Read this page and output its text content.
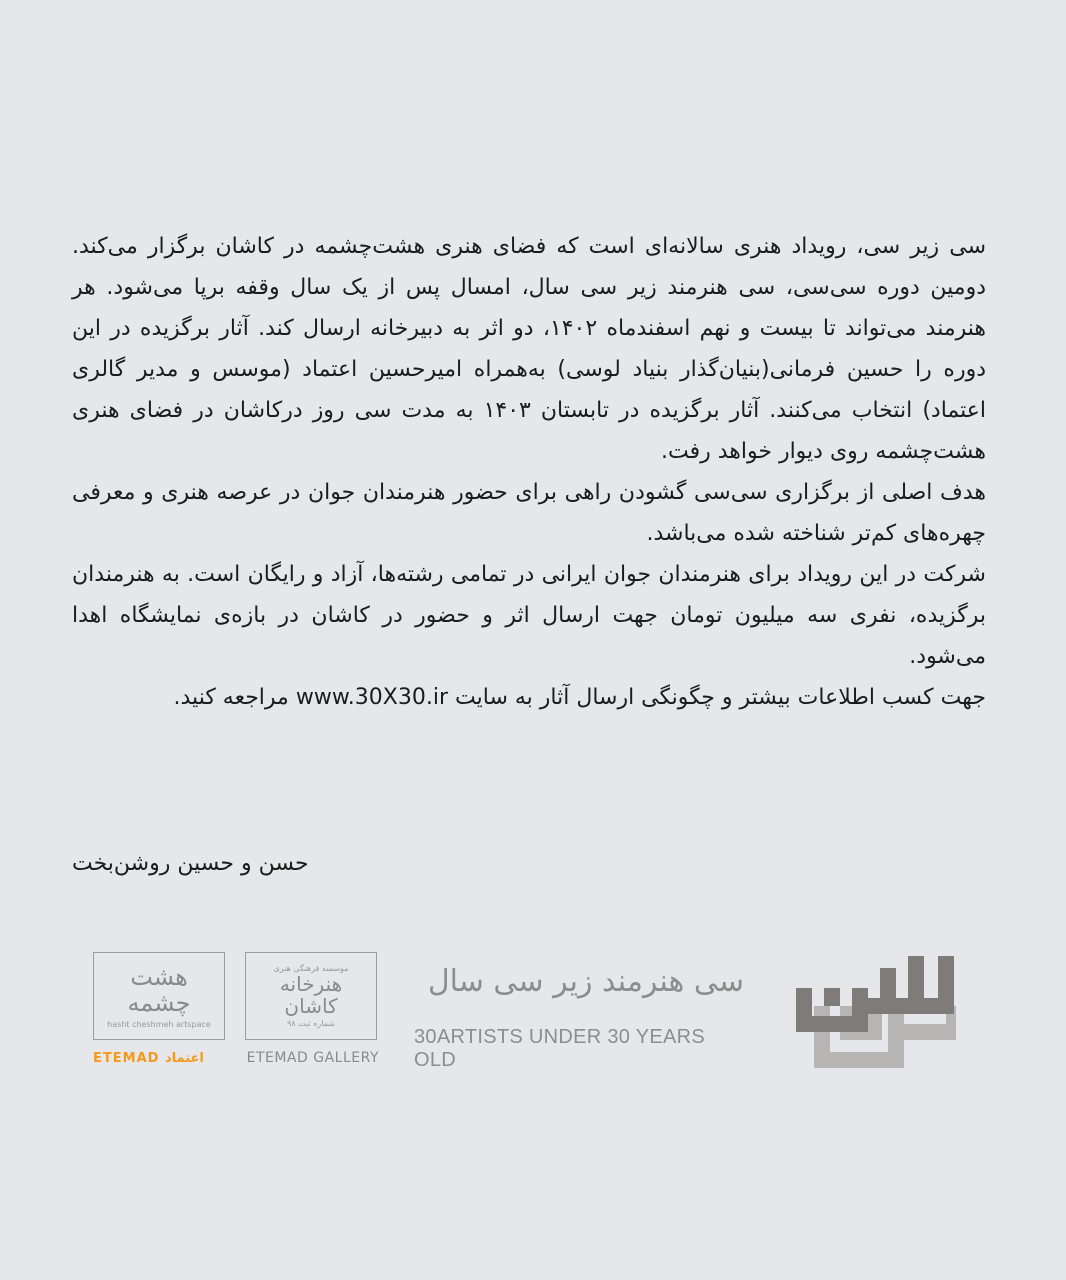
سی زیر سی، رویداد هنری سالانه‌ای است که فضای هنری هشت‌چشمه در کاشان برگزار می‌کند. دومین دوره سی‌سی، سی هنرمند زیر سی سال، امسال پس از یک سال وقفه برپا می‌شود. هر هنرمند می‌تواند تا بیست و نهم اسفندماه ۱۴۰۲، دو اثر به دبیرخانه ارسال کند. آثار برگزیده در این دوره را حسین فرمانی(بنیان‌گذار بنیاد لوسی) به‌همراه امیرحسین اعتماد (موسس و مدیر گالری اعتماد) انتخاب می‌کنند. آثار برگزیده در تابستان ۱۴۰۳ به مدت سی روز درکاشان در فضای هنری هشت‌چشمه روی دیوار خواهد رفت.

هدف اصلی از برگزاری سی‌سی گشودن راهی برای حضور هنرمندان جوان در عرصه هنری و معرفی چهره‌های کم‌تر شناخته شده می‌باشد.

شرکت در این رویداد برای هنرمندان جوان ایرانی در تمامی رشته‌ها، آزاد و رایگان است. به هنرمندان برگزیده، نفری سه میلیون تومان جهت ارسال اثر و حضور در کاشان در بازه‌ی نمایشگاه اهدا می‌شود.

جهت کسب اطلاعات بیشتر و چگونگی ارسال آثار به سایت www.30X30.ir مراجعه کنید.

حسن و حسین روشن‌بخت
هشت
چشمه
hasht cheshmeh artspace
موسسه فرهنگی هنری
هنرخانه
کاشان
شماره ثبت ۹۸
ETEMAD اعتماد	ETEMAD GALLERY
سی هنرمند زیر سی سال
30ARTISTS UNDER 30 YEARS OLD
